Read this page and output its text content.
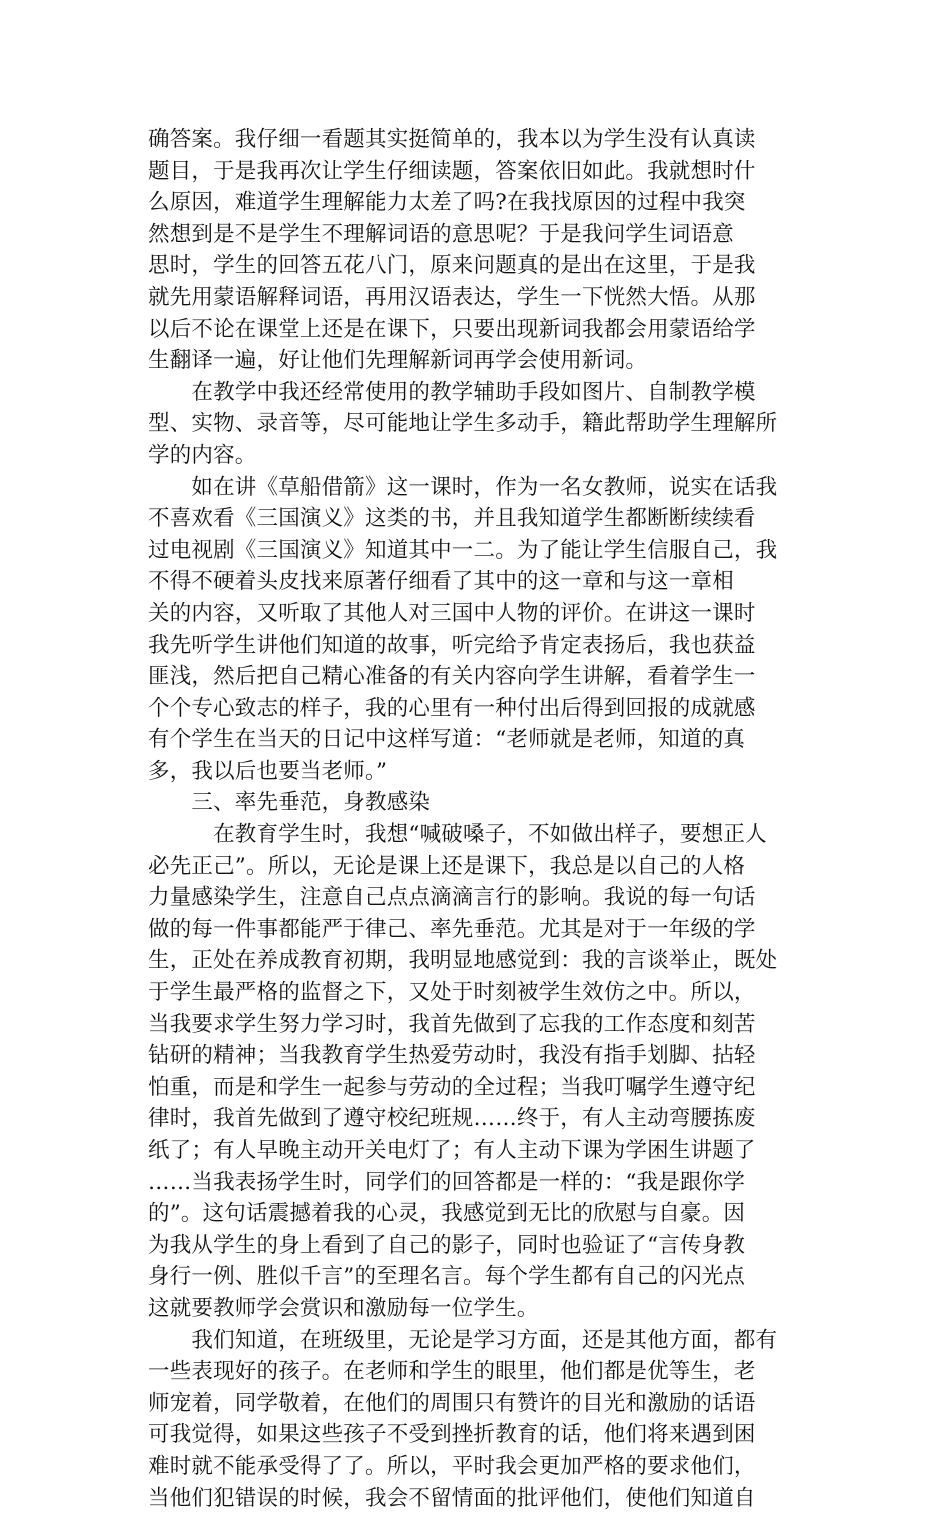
确答案。我仔细一看题其实挺简单的，我本以为学生没有认真读
题目，于是我再次让学生仔细读题，答案依旧如此。我就想时什
么原因，难道学生理解能力太差了吗?在我找原因的过程中我突
然想到是不是学生不理解词语的意思呢？于是我问学生词语意
思时，学生的回答五花八门，原来问题真的是出在这里，于是我
就先用蒙语解释词语，再用汉语表达，学生一下恍然大悟。从那
以后不论在课堂上还是在课下，只要出现新词我都会用蒙语给学
生翻译一遍，好让他们先理解新词再学会使用新词。
　　在教学中我还经常使用的教学辅助手段如图片、自制教学模
型、实物、录音等，尽可能地让学生多动手，籍此帮助学生理解所
学的内容。
　　如在讲《草船借箭》这一课时，作为一名女教师，说实在话我
不喜欢看《三国演义》这类的书，并且我知道学生都断断续续看
过电视剧《三国演义》知道其中一二。为了能让学生信服自己，我
不得不硬着头皮找来原著仔细看了其中的这一章和与这一章相
关的内容，又听取了其他人对三国中人物的评价。在讲这一课时
我先听学生讲他们知道的故事，听完给予肯定表扬后，我也获益
匪浅，然后把自己精心准备的有关内容向学生讲解，看着学生一
个个专心致志的样子，我的心里有一种付出后得到回报的成就感
有个学生在当天的日记中这样写道：“老师就是老师，知道的真
多，我以后也要当老师。”
　　三、率先垂范，身教感染
　　　在教育学生时，我想“喊破嗓子，不如做出样子，要想正人
必先正己”。所以，无论是课上还是课下，我总是以自己的人格
力量感染学生，注意自己点点滴滴言行的影响。我说的每一句话
做的每一件事都能严于律己、率先垂范。尤其是对于一年级的学
生，正处在养成教育初期，我明显地感觉到：我的言谈举止，既处
于学生最严格的监督之下，又处于时刻被学生效仿之中。所以，
当我要求学生努力学习时，我首先做到了忘我的工作态度和刻苦
钻研的精神；当我教育学生热爱劳动时，我没有指手划脚、拈轻
怕重，而是和学生一起参与劳动的全过程；当我叮嘱学生遵守纪
律时，我首先做到了遵守校纪班规……终于，有人主动弯腰拣废
纸了；有人早晚主动开关电灯了；有人主动下课为学困生讲题了
……当我表扬学生时，同学们的回答都是一样的：“我是跟你学
的”。这句话震撼着我的心灵，我感觉到无比的欣慰与自豪。因
为我从学生的身上看到了自己的影子，同时也验证了“言传身教
身行一例、胜似千言”的至理名言。每个学生都有自己的闪光点
这就要教师学会赏识和激励每一位学生。
　　我们知道，在班级里，无论是学习方面，还是其他方面，都有
一些表现好的孩子。在老师和学生的眼里，他们都是优等生，老
师宠着，同学敬着，在他们的周围只有赞许的目光和激励的话语
可我觉得，如果这些孩子不受到挫折教育的话，他们将来遇到困
难时就不能承受得了了。所以，平时我会更加严格的要求他们，
当他们犯错误的时候，我会不留情面的批评他们，使他们知道自
